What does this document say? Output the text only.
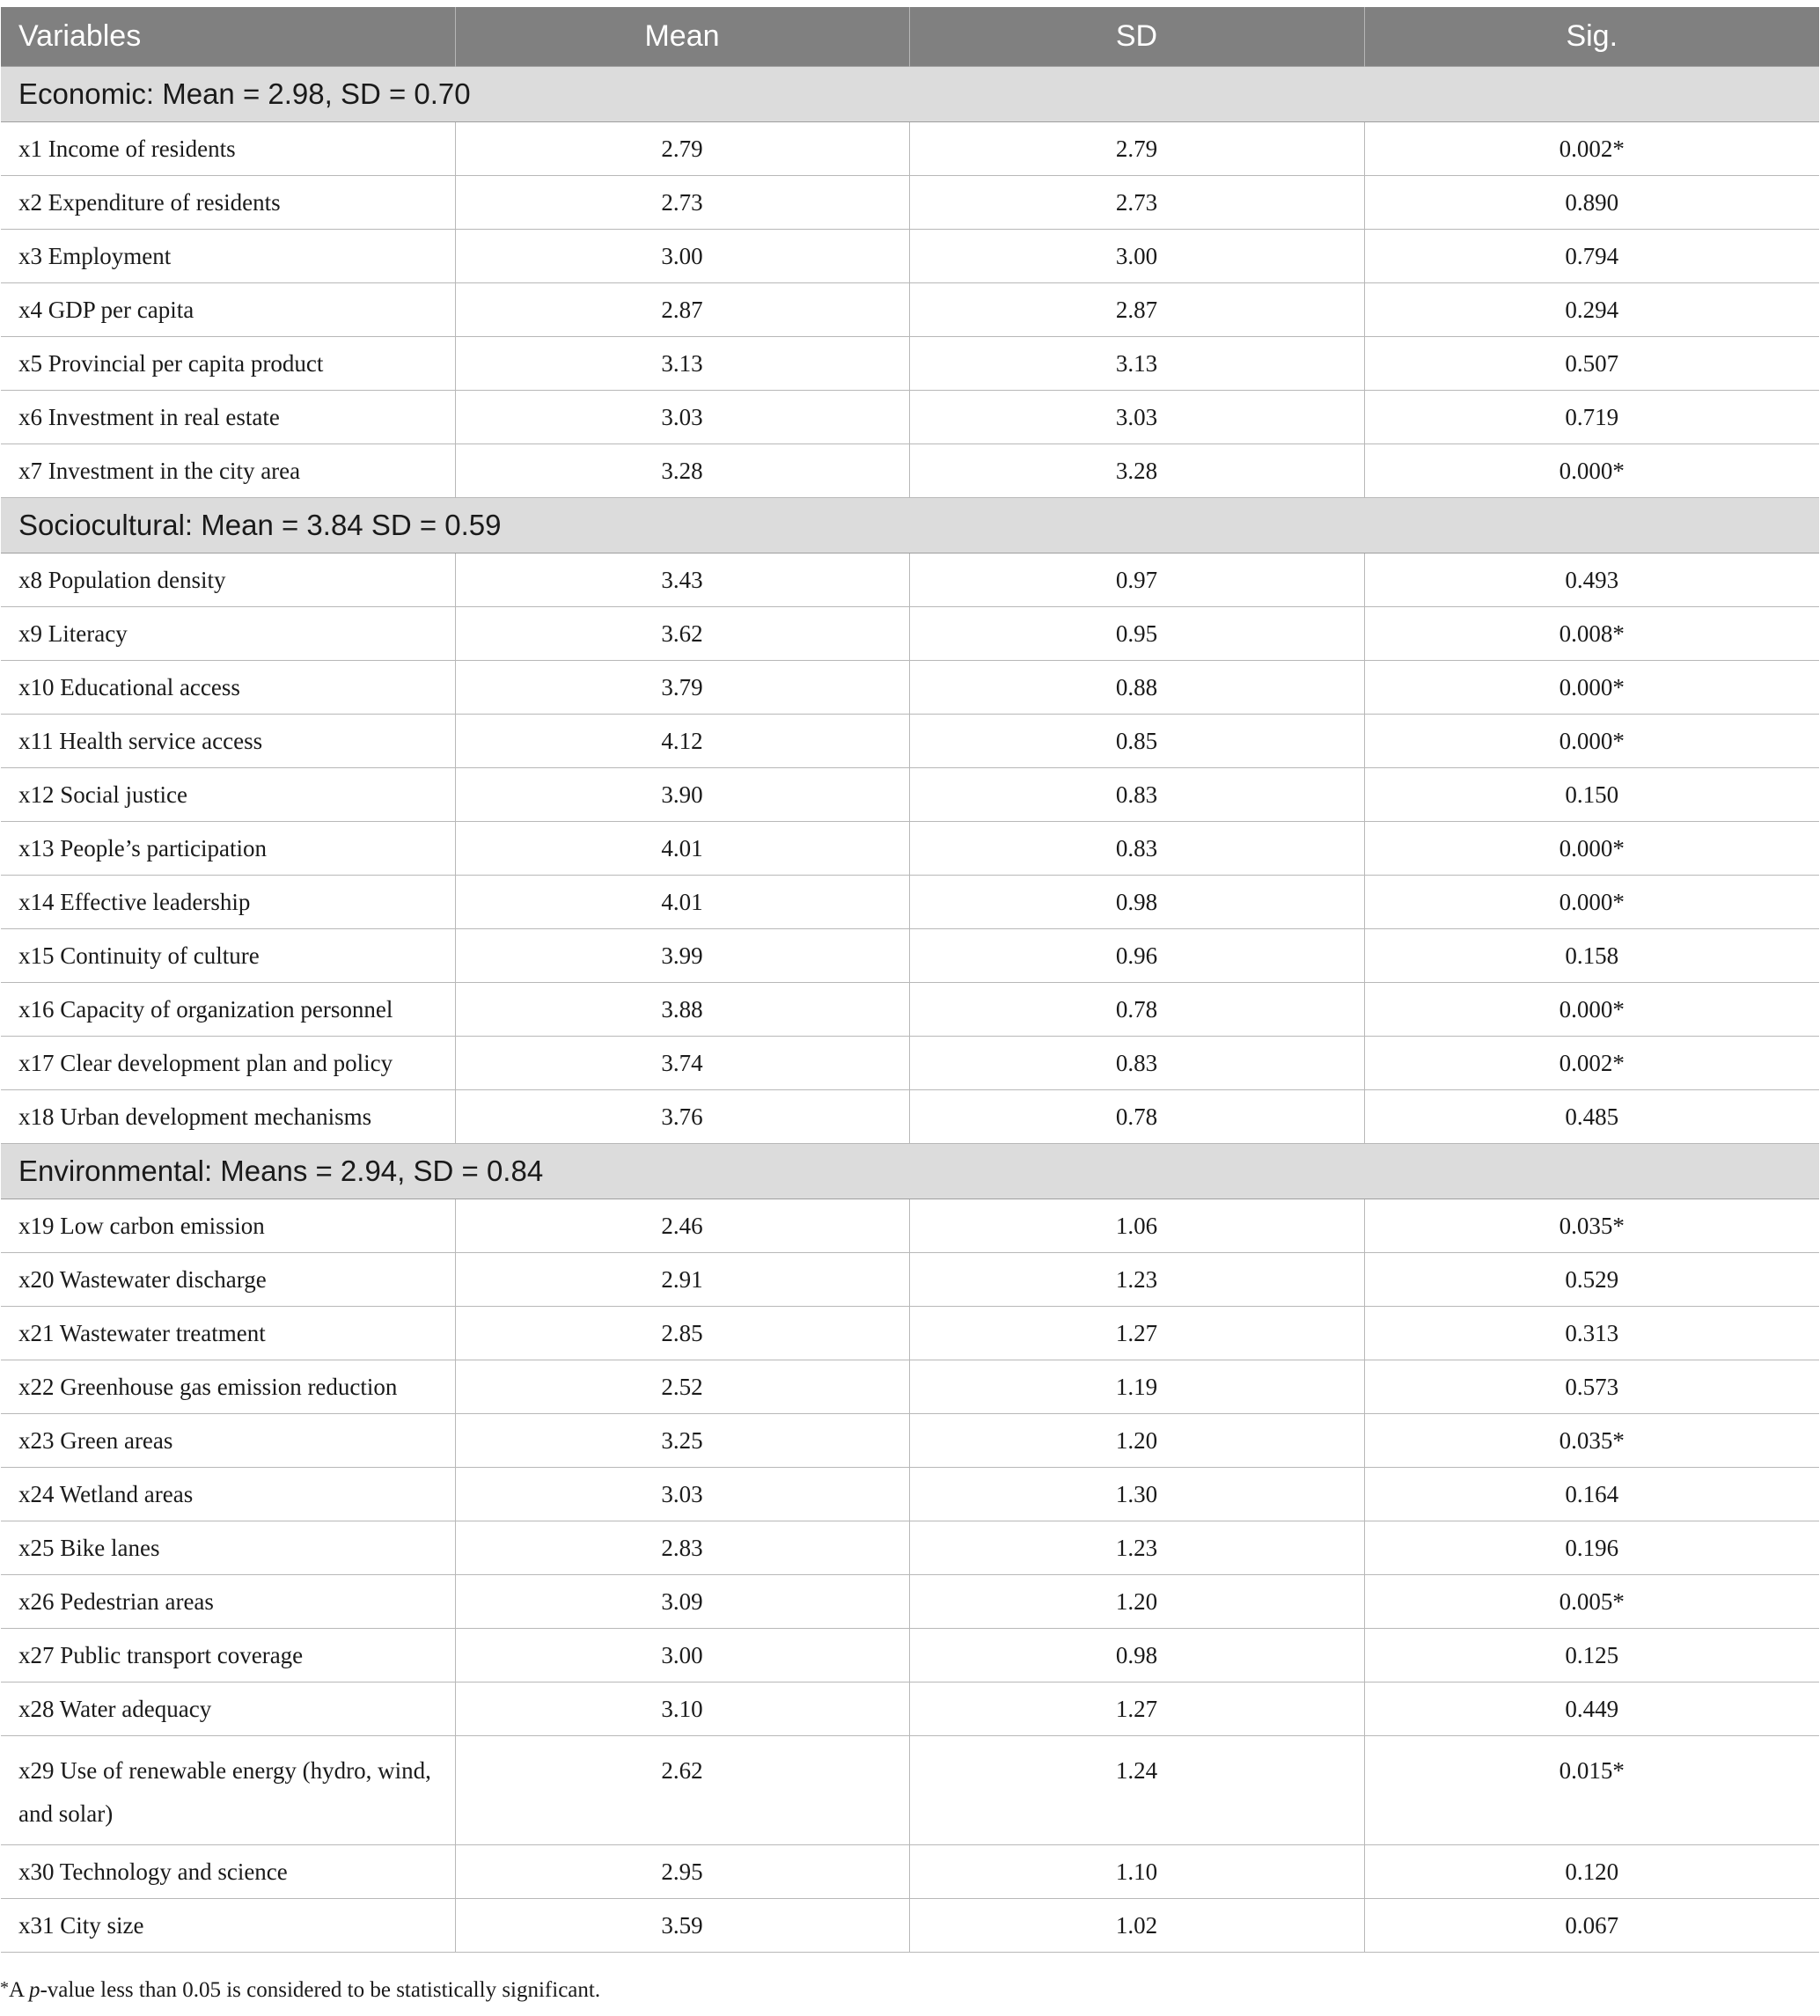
Variables	Mean	SD	Sig.
Economic: Mean = 2.98, SD = 0.70			
x1 Income of residents	2.79	2.79	0.002*
x2 Expenditure of residents	2.73	2.73	0.890
x3 Employment	3.00	3.00	0.794
x4 GDP per capita	2.87	2.87	0.294
x5 Provincial per capita product	3.13	3.13	0.507
x6 Investment in real estate	3.03	3.03	0.719
x7 Investment in the city area	3.28	3.28	0.000*
Sociocultural: Mean = 3.84 SD = 0.59			
x8 Population density	3.43	0.97	0.493
x9 Literacy	3.62	0.95	0.008*
x10 Educational access	3.79	0.88	0.000*
x11 Health service access	4.12	0.85	0.000*
x12 Social justice	3.90	0.83	0.150
x13 People’s participation	4.01	0.83	0.000*
x14 Effective leadership	4.01	0.98	0.000*
x15 Continuity of culture	3.99	0.96	0.158
x16 Capacity of organization personnel	3.88	0.78	0.000*
x17 Clear development plan and policy	3.74	0.83	0.002*
x18 Urban development mechanisms	3.76	0.78	0.485
Environmental: Means = 2.94, SD = 0.84			
x19 Low carbon emission	2.46	1.06	0.035*
x20 Wastewater discharge	2.91	1.23	0.529
x21 Wastewater treatment	2.85	1.27	0.313
x22 Greenhouse gas emission reduction	2.52	1.19	0.573
x23 Green areas	3.25	1.20	0.035*
x24 Wetland areas	3.03	1.30	0.164
x25 Bike lanes	2.83	1.23	0.196
x26 Pedestrian areas	3.09	1.20	0.005*
x27 Public transport coverage	3.00	0.98	0.125
x28 Water adequacy	3.10	1.27	0.449
x29 Use of renewable energy (hydro, wind, and solar)	2.62	1.24	0.015*
x30 Technology and science	2.95	1.10	0.120
x31 City size	3.59	1.02	0.067
*A p-value less than 0.05 is considered to be statistically significant.
